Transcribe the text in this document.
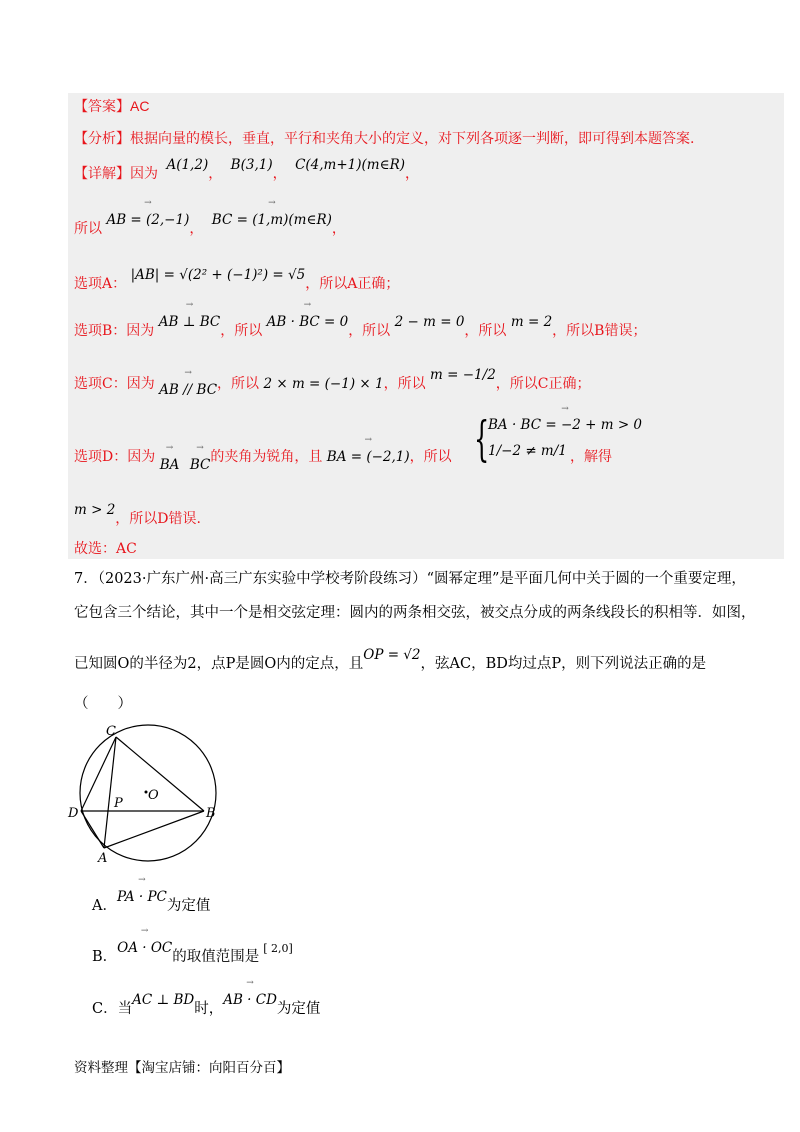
【答案】AC
【分析】根据向量的模长，垂直，平行和夹角大小的定义，对下列各项逐一判断，即可得到本题答案.
【详解】因为 A(1,2)， B(3,1)， C(4,m+1)(m∈R)，
所以 → AB = (2,−1)， → BC = (1,m)(m∈R)，
选项A： |AB| = √(2² + (−1)²) = √5，所以A正确；
选项B：因为 → AB ⊥ BC，所以 → AB · BC = 0，所以 2 − m = 0，所以 m = 2，所以B错误；
选项C：因为 → AB // BC，所以 2 × m = (−1) × 1，所以 m = −1/2，所以C正确；
选项D：因为 → BA → BC的夹角为锐角，且 → BA = (−2,1)，所以 {
→ BA · BC = −2 + m > 0
1/−2 ≠ m/1 ，解得
m > 2，所以D错误.
故选：AC
7．（2023·广东广州·高三广东实验中学校考阶段练习）“圆幂定理”是平面几何中关于圆的一个重要定理，
它包含三个结论，其中一个是相交弦定理：圆内的两条相交弦，被交点分成的两条线段长的积相等．如图，
已知圆O的半径为2，点P是圆O内的定点，且OP = √2，弦AC，BD均过点P，则下列说法正确的是
（　　）
C
O
D
P
B
A
A．→ PA · PC为定值
B．→ OA · OC的取值范围是[ 2,0]
C．当AC ⊥ BD时，→ AB · CD为定值
资料整理【淘宝店铺：向阳百分百】
